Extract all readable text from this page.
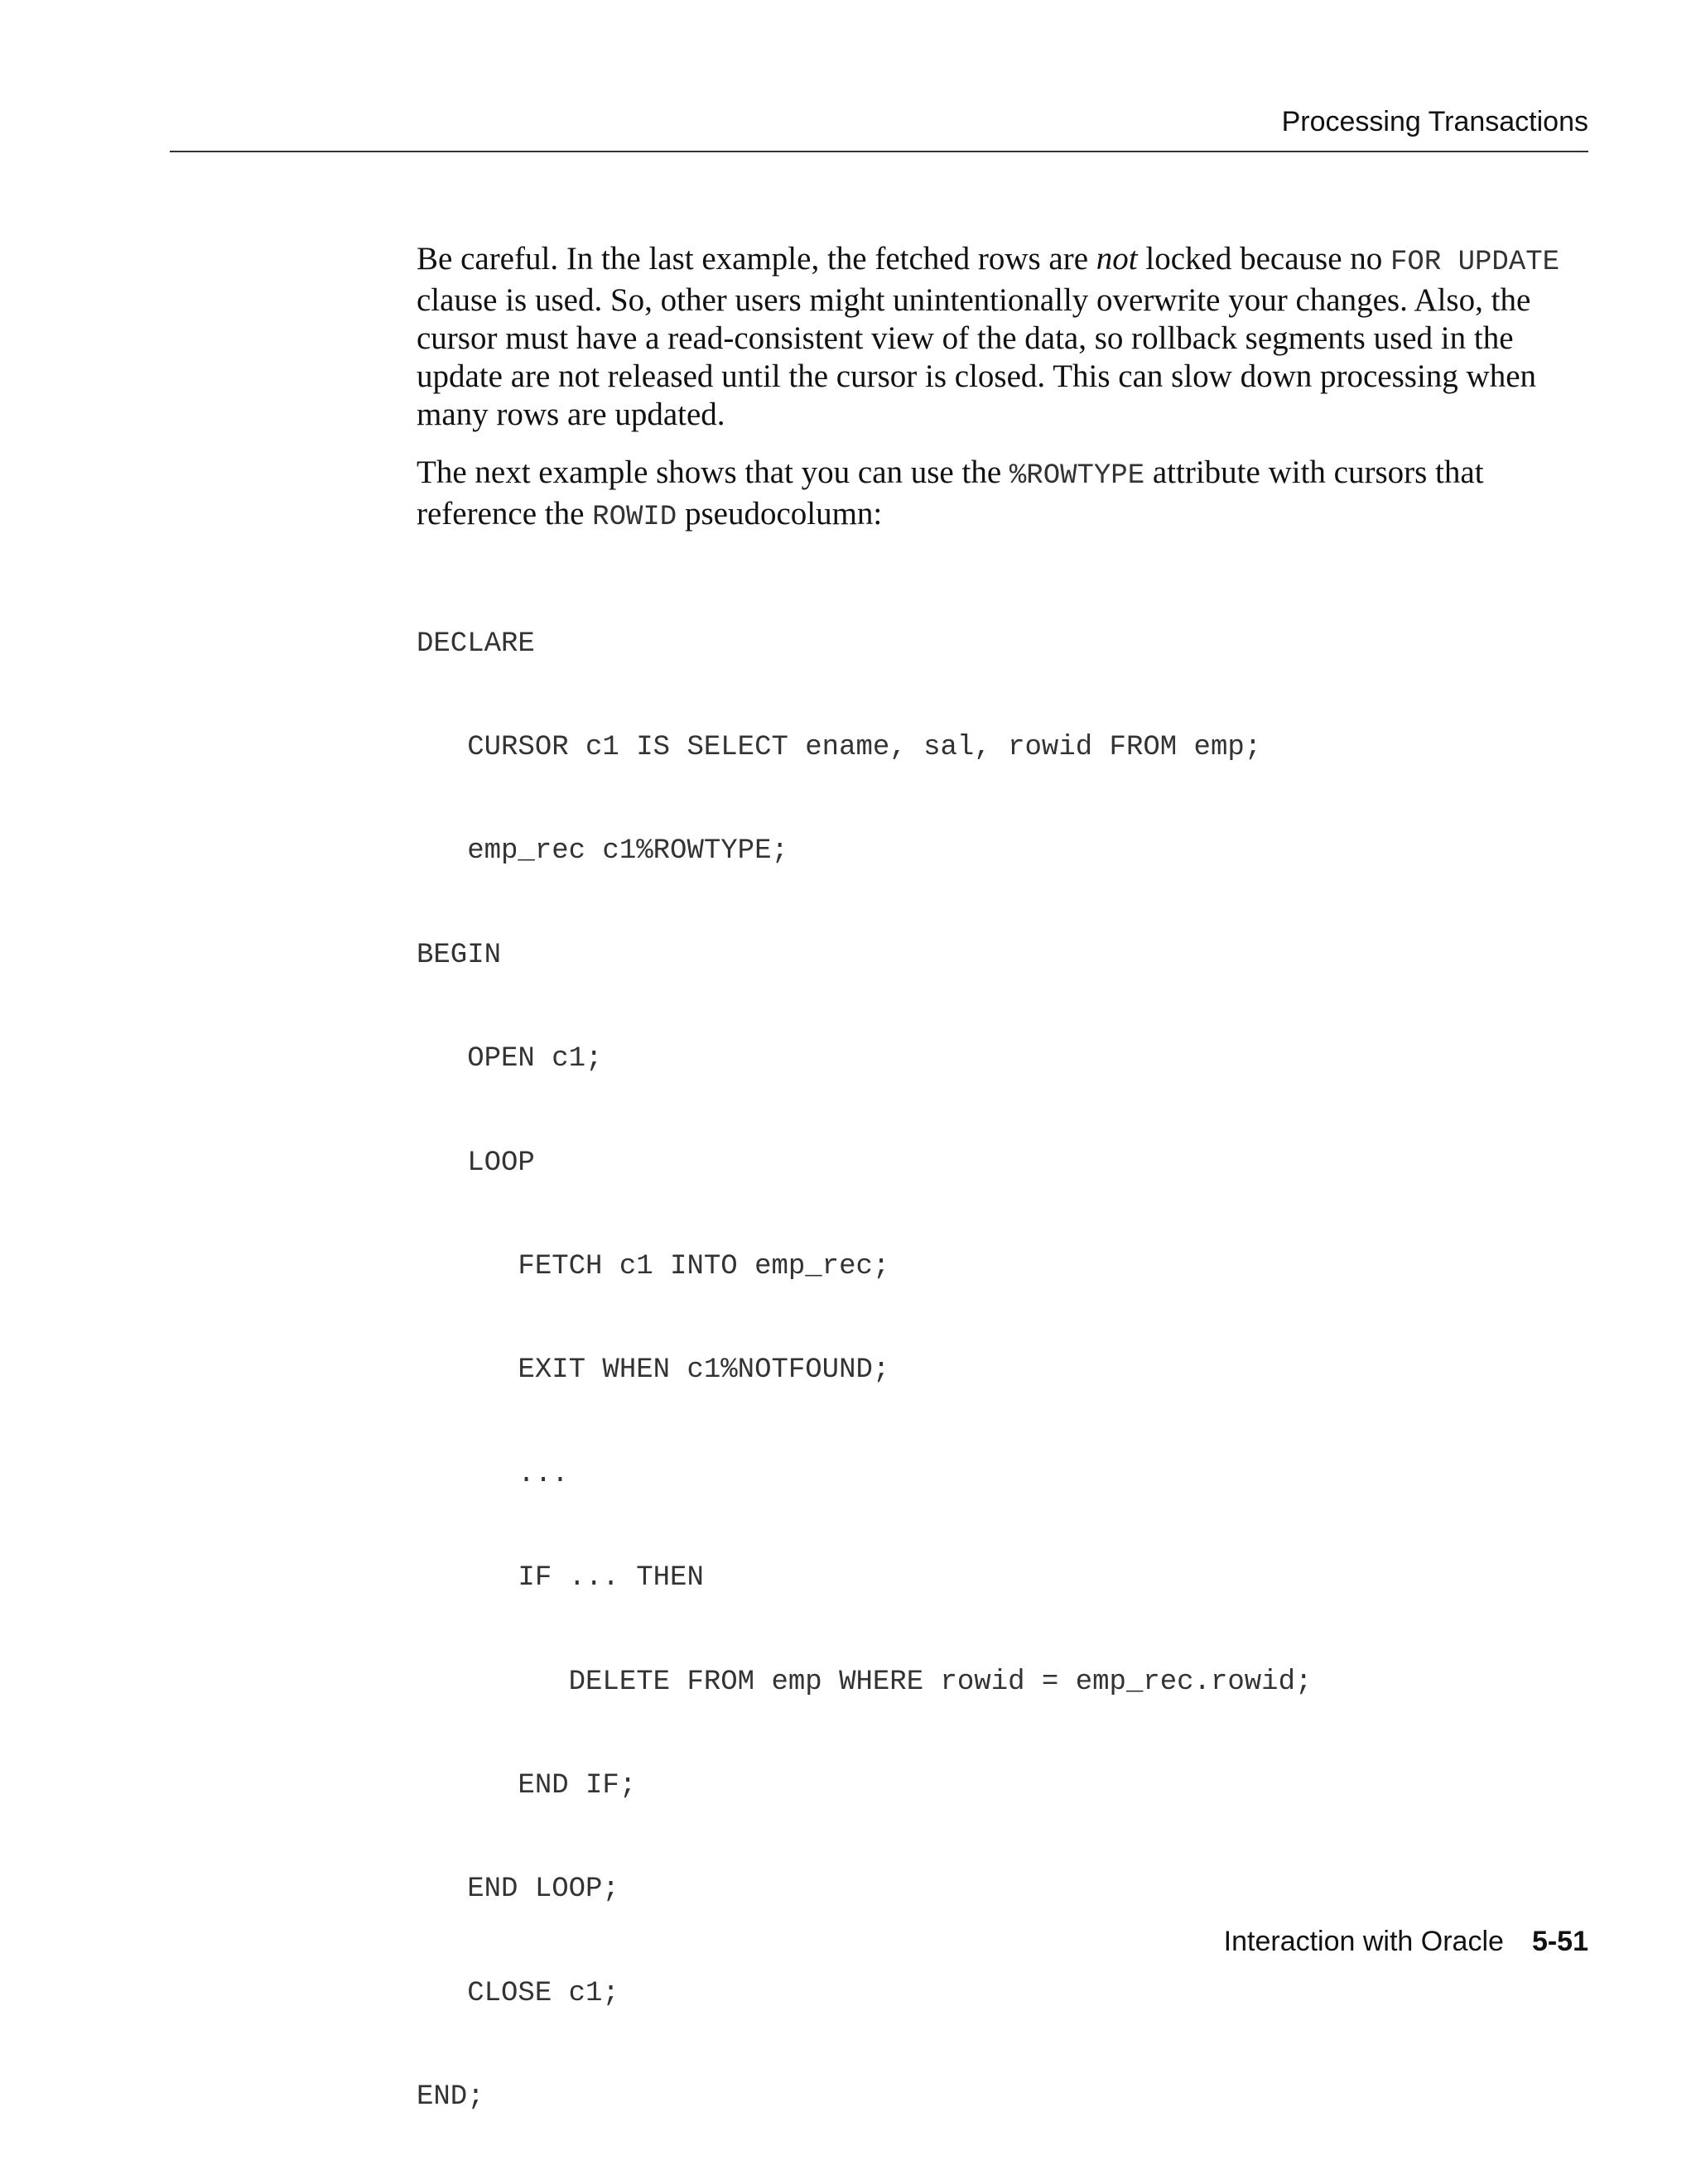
Processing Transactions

Be careful. In the last example, the fetched rows are not locked because no FOR UPDATE clause is used. So, other users might unintentionally overwrite your changes. Also, the cursor must have a read-consistent view of the data, so rollback segments used in the update are not released until the cursor is closed. This can slow down processing when many rows are updated.

The next example shows that you can use the %ROWTYPE attribute with cursors that reference the ROWID pseudocolumn:

DECLARE

CURSOR c1 IS SELECT ename, sal, rowid FROM emp;

emp_rec c1%ROWTYPE;

BEGIN

OPEN c1;

LOOP

FETCH c1 INTO emp_rec;

EXIT WHEN c1%NOTFOUND;

...

IF ... THEN

DELETE FROM emp WHERE rowid = emp_rec.rowid;

END IF;

END LOOP;

CLOSE c1;

END;

Interaction with Oracle 5-51
